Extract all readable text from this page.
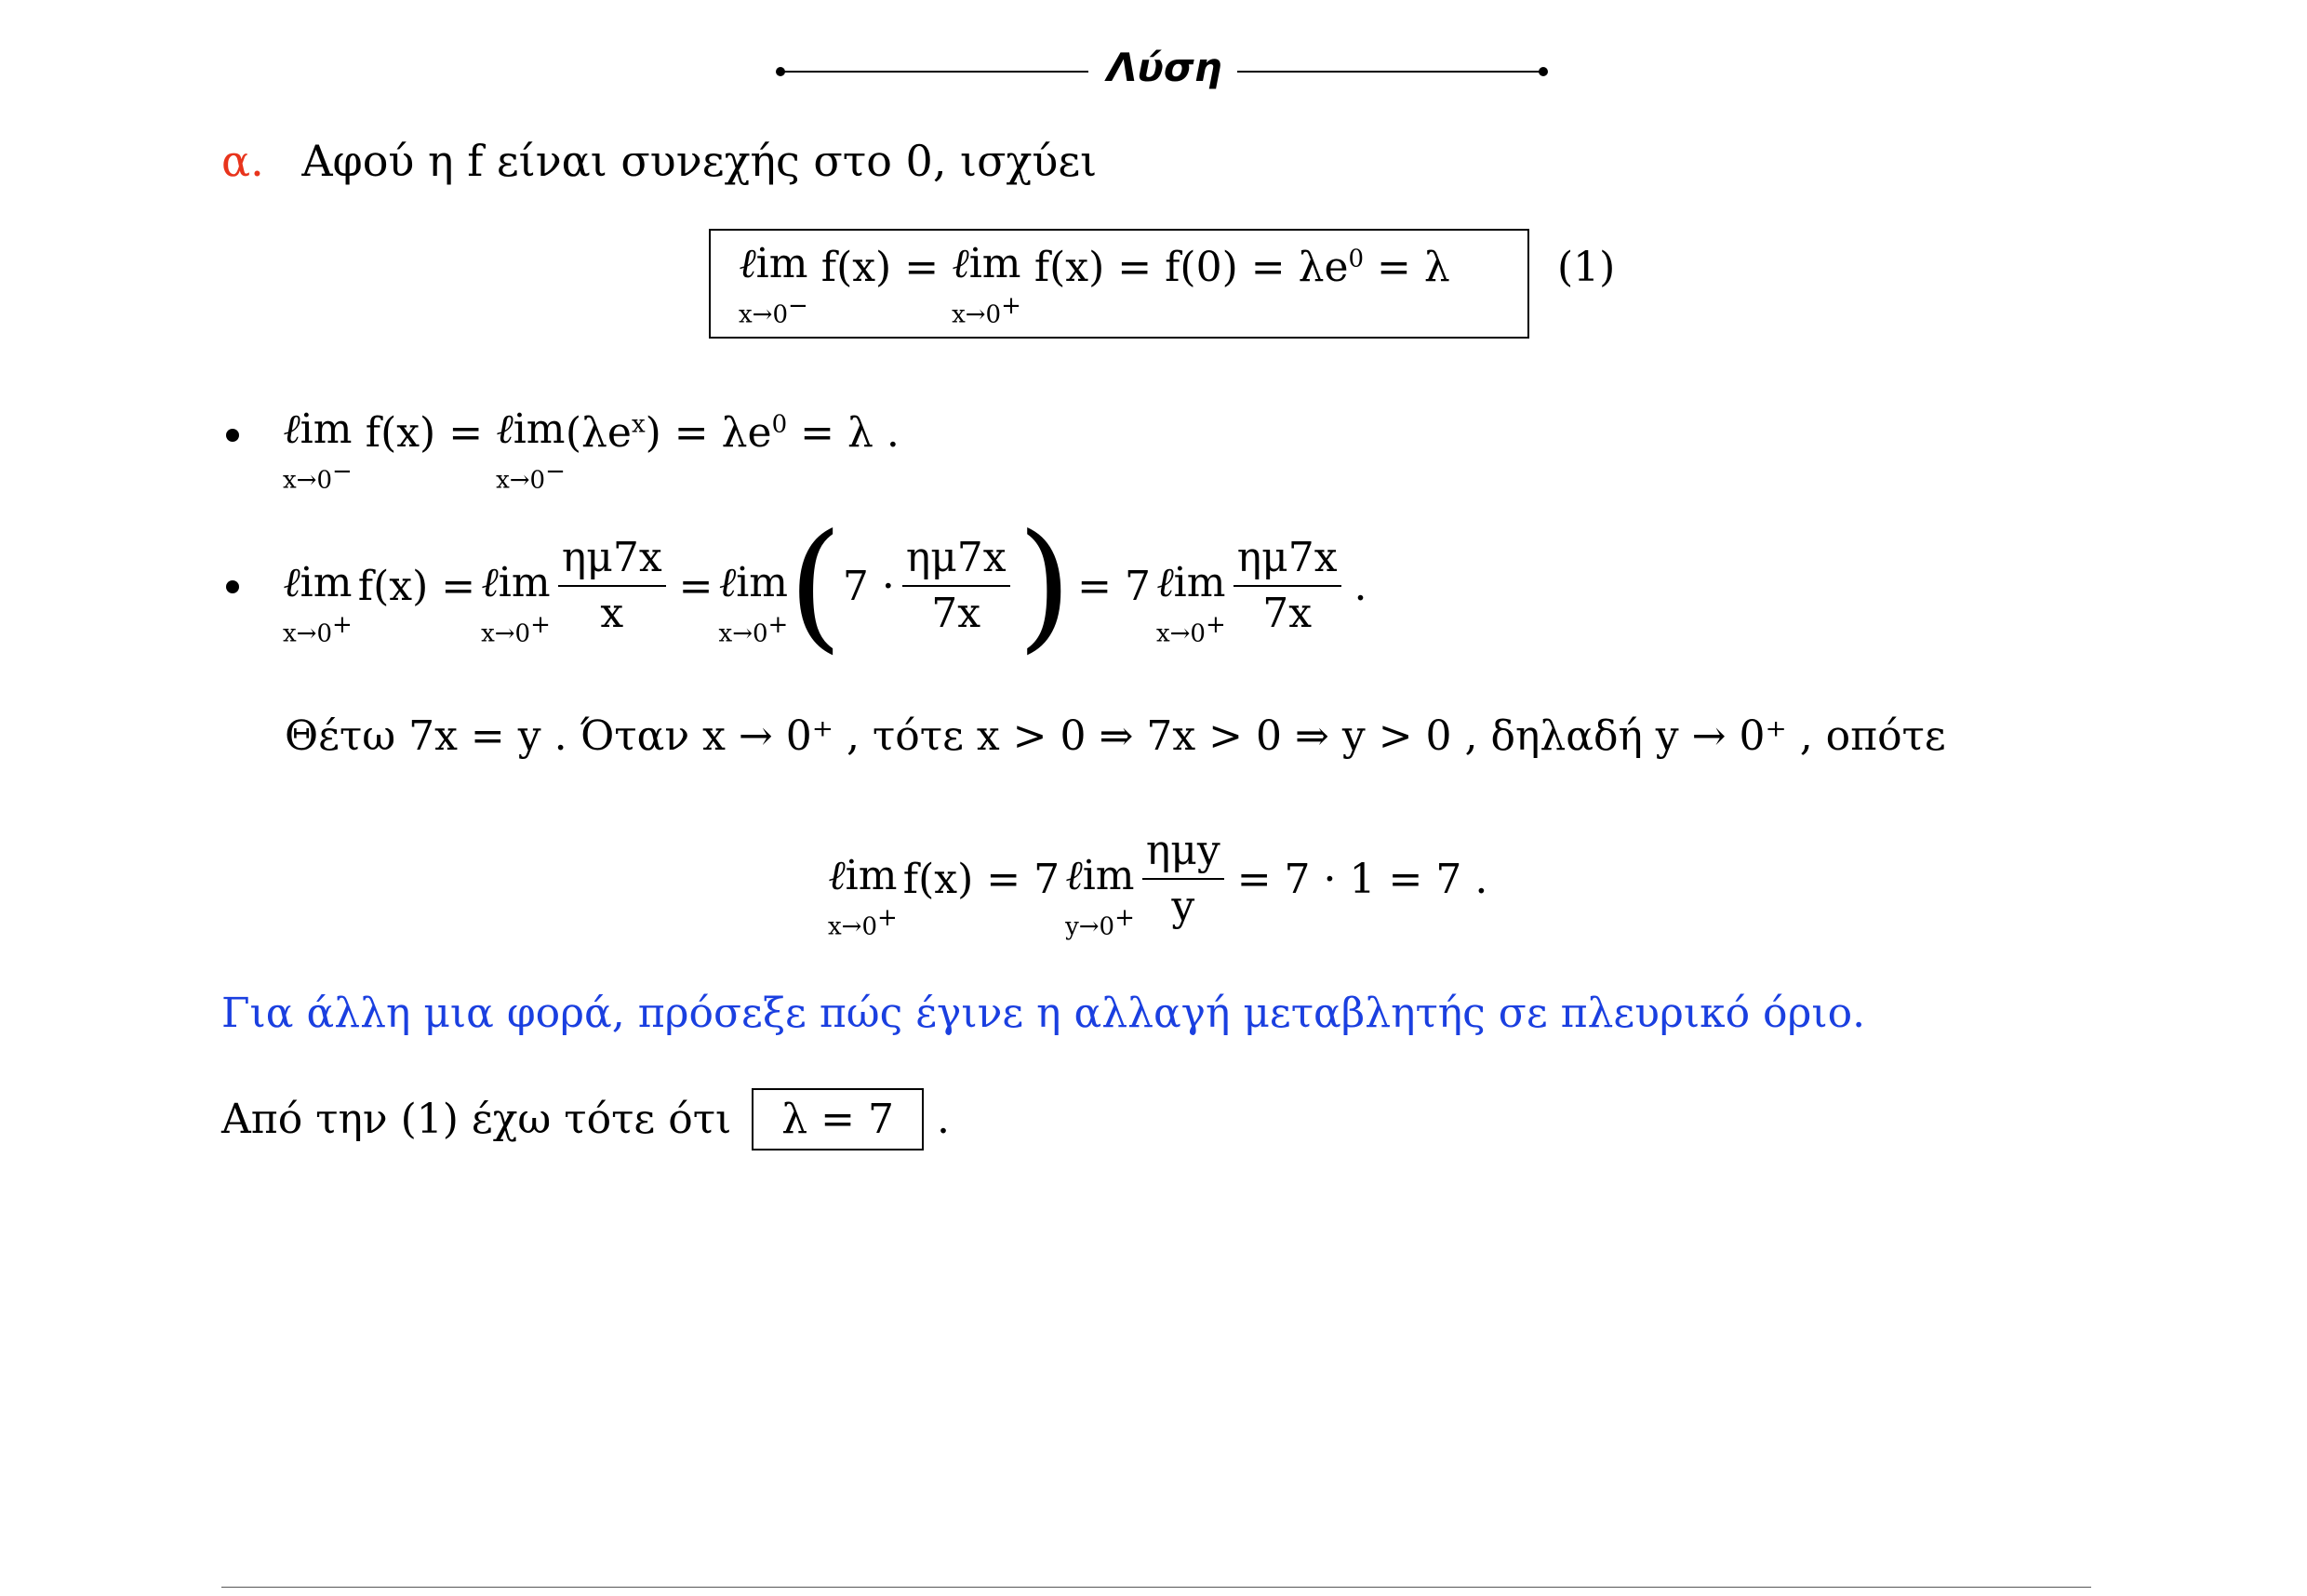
Λύση
α. Αφού η f είναι συνεχής στο 0, ισχύει
ℓim
x→0−
f(x) = ℓim
x→0+
$f(x) = f(0) = \lambda e^0 = \lambda$	(1)
ℓim
x→0−
f(x) = ℓim
x→0−
$(\lambda e^x) = \lambda e^0 = \lambda$ .
ℓim
x→0+
f(x) = ℓim
$x\to 0^+ \frac{\eta\mu 7x}{x}$ = ℓim
x→0+ ( $7 \cdot \frac{\eta\mu 7x}{7x}$ ) = 7 ℓim
$x\to 0^+ \frac{\eta\mu 7x}{7x}$ .
Θέτω 7x = y . Όταν x → 0⁺ , τότε x > 0 ⇒ 7x > 0 ⇒ y > 0 , δηλαδή y → 0⁺ , οπότε
ℓim
x→0+
f(x) = 7 ℓim
$y\to 0^+ \frac{\text{ημy}}{y} = 7 \cdot 1 = 7$ .
Για άλλη μια φορά, πρόσεξε πώς έγινε η αλλαγή μεταβλητής σε πλευρικό όριο.
Από την (1) έχω τότε ότι	λ = 7	.
